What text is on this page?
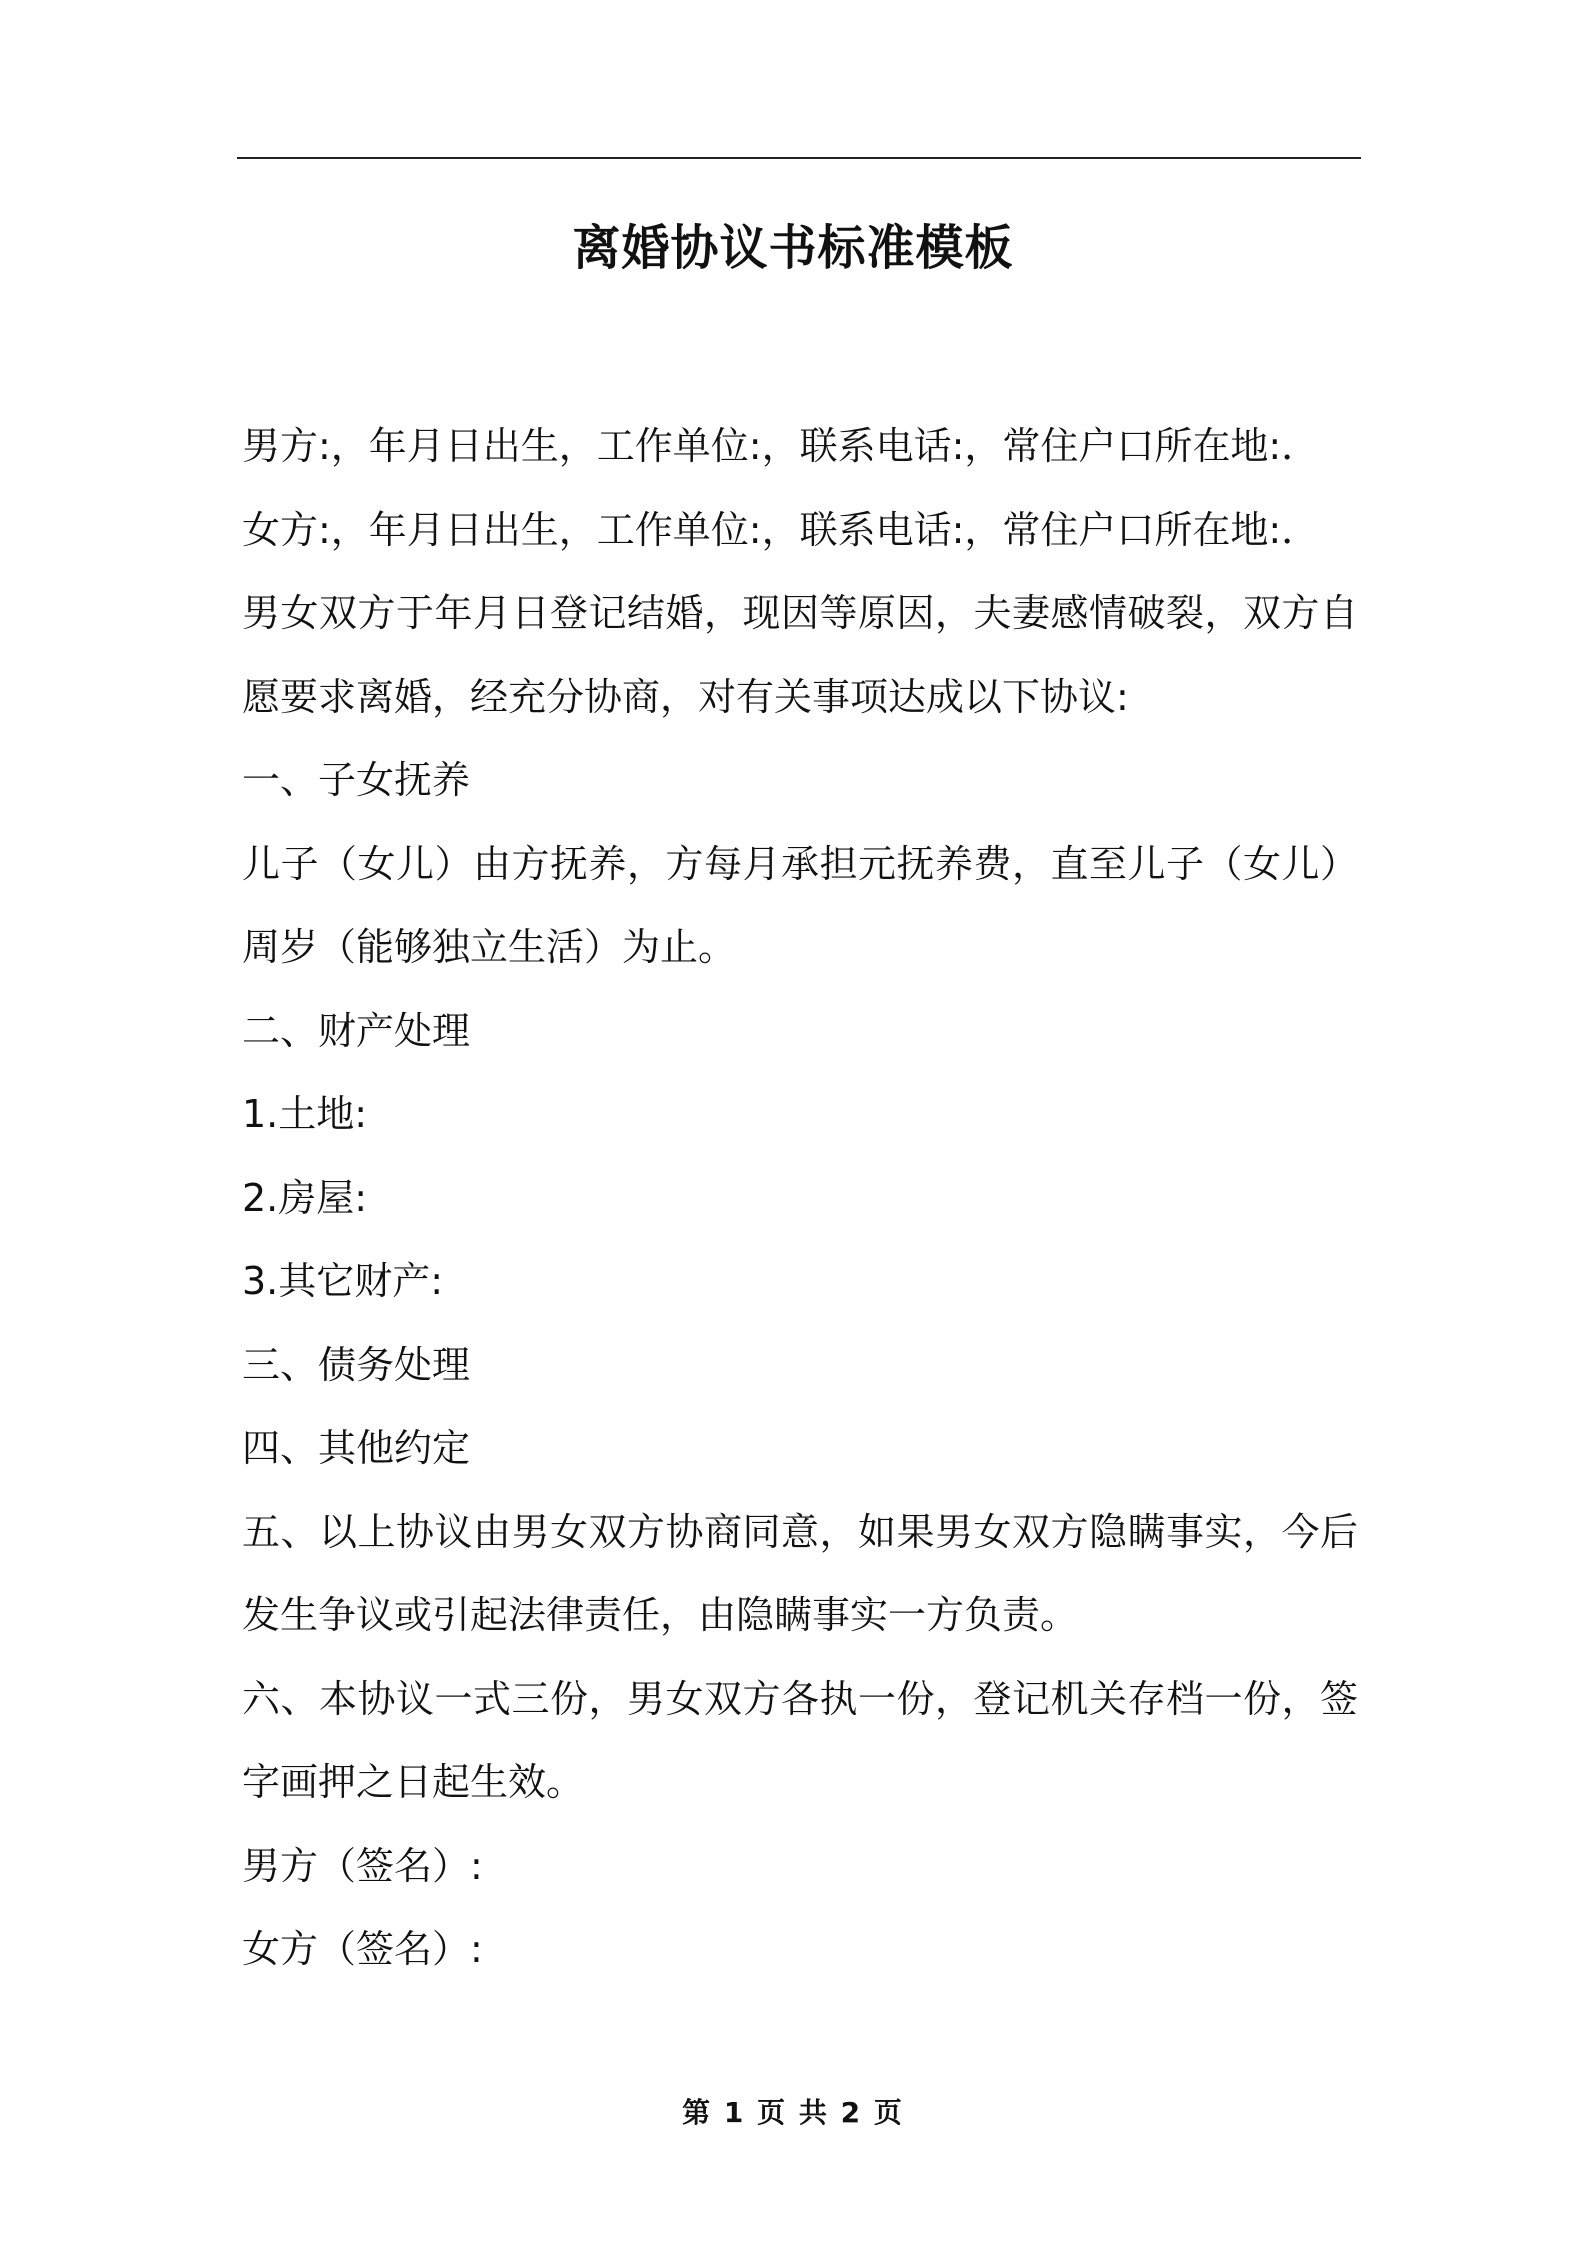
离婚协议书标准模板

男方:，年月日出生，工作单位:，联系电话:，常住户口所在地:．

女方:，年月日出生，工作单位:，联系电话:，常住户口所在地:．

男女双方于年月日登记结婚，现因等原因，夫妻感情破裂，双方自愿要求离婚，经充分协商，对有关事项达成以下协议:

一、子女抚养

儿子（女儿）由方抚养，方每月承担元抚养费，直至儿子（女儿）周岁（能够独立生活）为止。

二、财产处理

1.土地:

2.房屋:

3.其它财产:

三、债务处理

四、其他约定

五、以上协议由男女双方协商同意，如果男女双方隐瞒事实，今后发生争议或引起法律责任，由隐瞒事实一方负责。

六、本协议一式三份，男女双方各执一份，登记机关存档一份，签字画押之日起生效。

男方（签名）:

女方（签名）:

第 1 页 共 2 页
